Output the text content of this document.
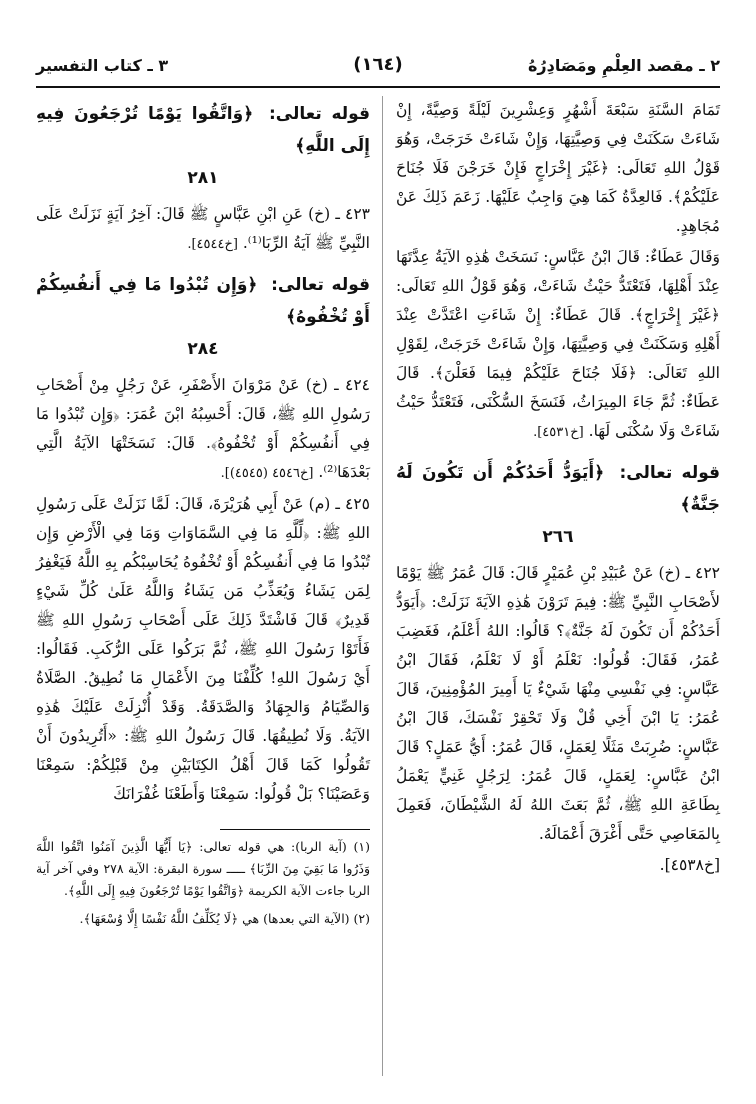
٢ ـ مقصد العِلْمِ ومَصَادِرُهُ
(١٦٤)
٣ ـ كتاب التفسير

تَمَامَ السَّنَةِ سَبْعَةَ أَشْهُرٍ وَعِشْرِينَ لَيْلَةً وَصِيَّةً، إِنْ شَاءَتْ سَكَنَتْ فِي وَصِيَّتِهَا، وَإِنْ شَاءَتْ خَرَجَتْ، وَهُوَ قَوْلُ اللهِ تَعَالَى: ﴿غَيْرَ إِخْرَاجٍ فَإِنْ خَرَجْنَ فَلَا جُنَاحَ عَلَيْكُمْ﴾. فَالعِدَّةُ كَمَا هِيَ وَاجِبٌ عَلَيْهَا. زَعَمَ ذَلِكَ عَنْ مُجَاهِدٍ.

وَقَالَ عَطَاءٌ: قَالَ ابْنُ عَبَّاسٍ: نَسَخَتْ هَٰذِهِ الآيَةُ عِدَّتَهَا عِنْدَ أَهْلِهَا، فَتَعْتَدُّ حَيْثُ شَاءَتْ، وَهُوَ قَوْلُ اللهِ تَعَالَى: ﴿غَيْرَ إِخْرَاجٍ﴾. قَالَ عَطَاءٌ: إِنْ شَاءَتِ اعْتَدَّتْ عِنْدَ أَهْلِهِ وَسَكَنَتْ فِي وَصِيَّتِهَا، وَإِنْ شَاءَتْ خَرَجَتْ، لِقَوْلِ اللهِ تَعَالَى: ﴿فَلَا جُنَاحَ عَلَيْكُمْ فِيمَا فَعَلْنَ﴾. قَالَ عَطَاءٌ: ثُمَّ جَاءَ المِيرَاثُ، فَنَسَخَ السُّكْنَى، فَتَعْتَدُّ حَيْثُ شَاءَتْ وَلَا سُكْنَى لَهَا. [خ٤٥٣١].

قوله تعالى: ﴿أَيَوَدُّ أَحَدُكُمْ أَن تَكُونَ لَهُ جَنَّةٌ﴾
٢٦٦

٤٢٢ ـ (خ) عَنْ عُبَيْدِ بْنِ عُمَيْرٍ قَالَ: قَالَ عُمَرُ ﷺ يَوْمًا لأَصْحَابِ النَّبِيِّ ﷺ: فِيمَ تَرَوْنَ هَٰذِهِ الآيَةَ نَزَلَتْ: ﴿أَيَوَدُّ أَحَدُكُمْ أَن تَكُونَ لَهُ جَنَّةٌ﴾؟ قَالُوا: اللهُ أَعْلَمُ، فَغَضِبَ عُمَرُ، فَقَالَ: قُولُوا: نَعْلَمُ أَوْ لَا نَعْلَمُ، فَقَالَ ابْنُ عَبَّاسٍ: فِي نَفْسِي مِنْهَا شَيْءٌ يَا أَمِيرَ المُؤْمِنِينَ، قَالَ عُمَرُ: يَا ابْنَ أَخِي قُلْ وَلَا تَحْقِرْ نَفْسَكَ، قَالَ ابْنُ عَبَّاسٍ: ضُرِبَتْ مَثَلًا لِعَمَلٍ، قَالَ عُمَرُ: أَيُّ عَمَلٍ؟ قَالَ ابْنُ عَبَّاسٍ: لِعَمَلٍ، قَالَ عُمَرُ: لِرَجُلٍ غَنِيٍّ يَعْمَلُ بِطَاعَةِ اللهِ ﷺ، ثُمَّ بَعَثَ اللهُ لَهُ الشَّيْطَانَ، فَعَمِلَ بِالمَعَاصِي حَتَّى أَغْرَقَ أَعْمَالَهُ.

[خ٤٥٣٨].

قوله تعالى: ﴿وَاتَّقُوا يَوْمًا تُرْجَعُونَ فِيهِ إِلَى اللَّهِ﴾
٢٨١

٤٢٣ ـ (خ) عَنِ ابْنِ عَبَّاسٍ ﷺ قَالَ: آخِرُ آيَةٍ نَزَلَتْ عَلَى النَّبِيِّ ﷺ آيَةُ الرِّبَا⁽¹⁾. [خ٤٥٤٤].

قوله تعالى: ﴿وَإِن تُبْدُوا مَا فِي أَنفُسِكُمْ أَوْ تُخْفُوهُ﴾
٢٨٤

٤٢٤ ـ (خ) عَنْ مَرْوَانَ الأَصْفَرِ، عَنْ رَجُلٍ مِنْ أَصْحَابِ رَسُولِ اللهِ ﷺ، قَالَ: أَحْسِبُهُ ابْنَ عُمَرَ: ﴿وَإِن تُبْدُوا مَا فِي أَنفُسِكُمْ أَوْ تُخْفُوهُ﴾. قَالَ: نَسَخَتْهَا الآيَةُ الَّتِي بَعْدَهَا⁽²⁾. [خ٤٥٤٦ (٤٥٤٥)].

٤٢٥ ـ (م) عَنْ أَبِي هُرَيْرَةَ، قَالَ: لَمَّا نَزَلَتْ عَلَى رَسُولِ اللهِ ﷺ: ﴿لِّلَّهِ مَا فِي السَّمَاوَاتِ وَمَا فِي الْأَرْضِ وَإِن تُبْدُوا مَا فِي أَنفُسِكُمْ أَوْ تُخْفُوهُ يُحَاسِبْكُم بِهِ اللَّهُ فَيَغْفِرُ لِمَن يَشَاءُ وَيُعَذِّبُ مَن يَشَاءُ وَاللَّهُ عَلَىٰ كُلِّ شَيْءٍ قَدِيرٌ﴾ قَالَ فَاشْتَدَّ ذَلِكَ عَلَى أَصْحَابِ رَسُولِ اللهِ ﷺ فَأَتَوْا رَسُولَ اللهِ ﷺ، ثُمَّ بَرَكُوا عَلَى الرُّكَبِ. فَقَالُوا: أَيْ رَسُولَ اللهِ! كُلِّفْنَا مِنَ الأَعْمَالِ مَا نُطِيقُ. الصَّلَاةُ وَالصِّيَامُ وَالجِهَادُ وَالصَّدَقَةُ. وَقَدْ أُنْزِلَتْ عَلَيْكَ هَٰذِهِ الآيَةُ. وَلَا نُطِيقُهَا. قَالَ رَسُولُ اللهِ ﷺ: «أَتُرِيدُونَ أَنْ تَقُولُوا كَمَا قَالَ أَهْلُ الكِتَابَيْنِ مِنْ قَبْلِكُمْ: سَمِعْنَا وَعَصَيْنَا؟ بَلْ قُولُوا: سَمِعْنَا وَأَطَعْنَا غُفْرَانَكَ

(١) (آية الربا): هي قوله تعالى: ﴿يَا أَيُّهَا الَّذِينَ آمَنُوا اتَّقُوا اللَّهَ وَذَرُوا مَا بَقِيَ مِنَ الرِّبَا﴾ ـــــ سورة البقرة: الآية ٢٧٨ وفي آخر آية الربا جاءت الآية الكريمة ﴿وَاتَّقُوا يَوْمًا تُرْجَعُونَ فِيهِ إِلَى اللَّهِ﴾.

(٢) (الآية التي بعدها) هي ﴿لَا يُكَلِّفُ اللَّهُ نَفْسًا إِلَّا وُسْعَهَا﴾.
